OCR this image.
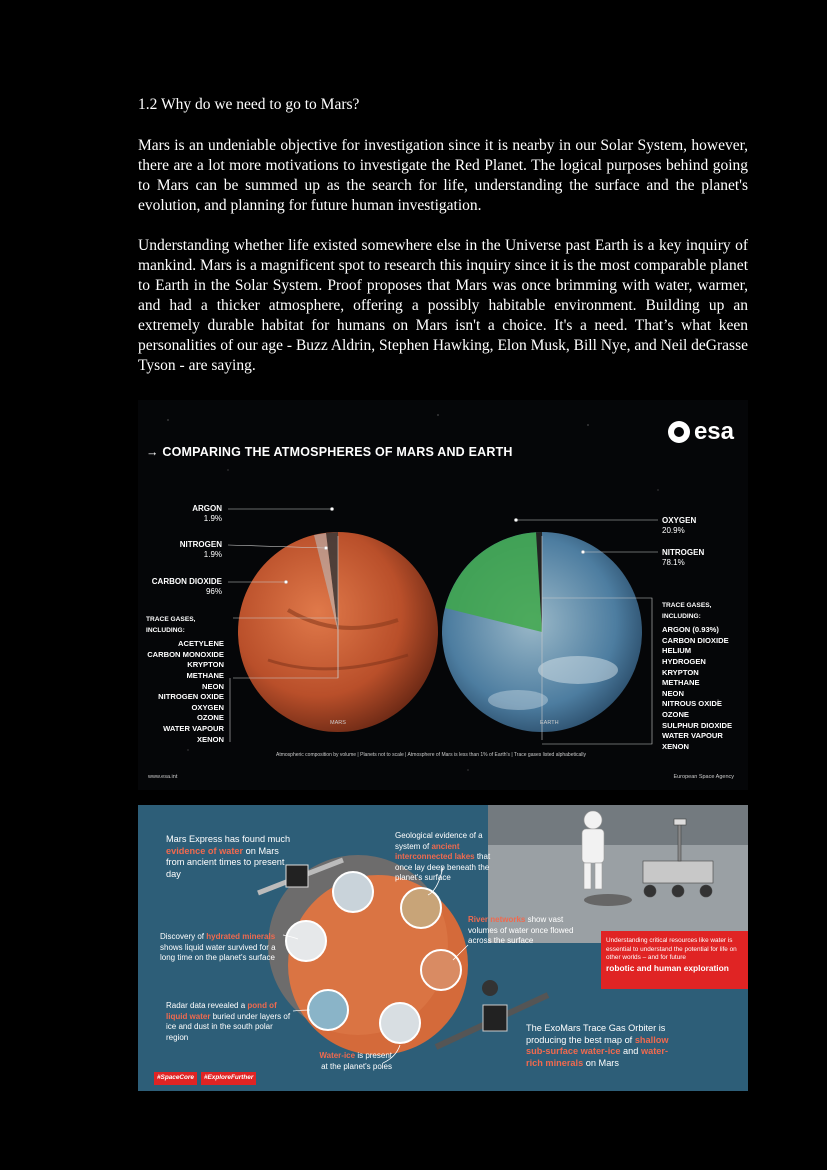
1.2 Why do we need to go to Mars?

Mars is an undeniable objective for investigation since it is nearby in our Solar System, however, there are a lot more motivations to investigate the Red Planet. The logical purposes behind going to Mars can be summed up as the search for life, understanding the surface and the planet's evolution, and planning for future human investigation.

Understanding whether life existed somewhere else in the Universe past Earth is a key inquiry of mankind. Mars is a magnificent spot to research this inquiry since it is the most comparable planet to Earth in the Solar System. Proof proposes that Mars was once brimming with water, warmer, and had a thicker atmosphere, offering a possibly habitable environment. Building up an extremely durable habitat for humans on Mars isn't a choice. It's a need. That’s what keen personalities of our age - Buzz Aldrin, Stephen Hawking, Elon Musk, Bill Nye, and Neil deGrasse Tyson - are saying.

→ COMPARING THE ATMOSPHERES OF MARS AND EARTH
esa
ARGON
1.9%
NITROGEN
1.9%
CARBON DIOXIDE
96%
TRACE GASES, INCLUDING:
ACETYLENE
CARBON MONOXIDE
KRYPTON
METHANE
NEON
NITROGEN OXIDE
OXYGEN
OZONE
WATER VAPOUR
XENON
OXYGEN
20.9%
NITROGEN
78.1%
TRACE GASES, INCLUDING:
ARGON (0.93%)
CARBON DIOXIDE
HELIUM
HYDROGEN
KRYPTON
METHANE
NEON
NITROUS OXIDE
OZONE
SULPHUR DIOXIDE
WATER VAPOUR
XENON
MARS	EARTH
Atmospheric composition by volume | Planets not to scale | Atmosphere of Mars is less than 1% of Earth's | Trace gases listed alphabetically
www.esa.int	European Space Agency
Mars Express has found much evidence of water on Mars from ancient times to present day
Geological evidence of a system of ancient interconnected lakes that once lay deep beneath the planet's surface
Discovery of hydrated minerals shows liquid water survived for a long time on the planet's surface
River networks show vast volumes of water once flowed across the surface
Radar data revealed a pond of liquid water buried under layers of ice and dust in the south polar region
Water-ice is present at the planet's poles
The ExoMars Trace Gas Orbiter is producing the best map of shallow sub-surface water-ice and water-rich minerals on Mars
Understanding critical resources like water is essential to understand the potential for life on other worlds – and for future
robotic and human exploration
#SpaceCore	#ExploreFurther
